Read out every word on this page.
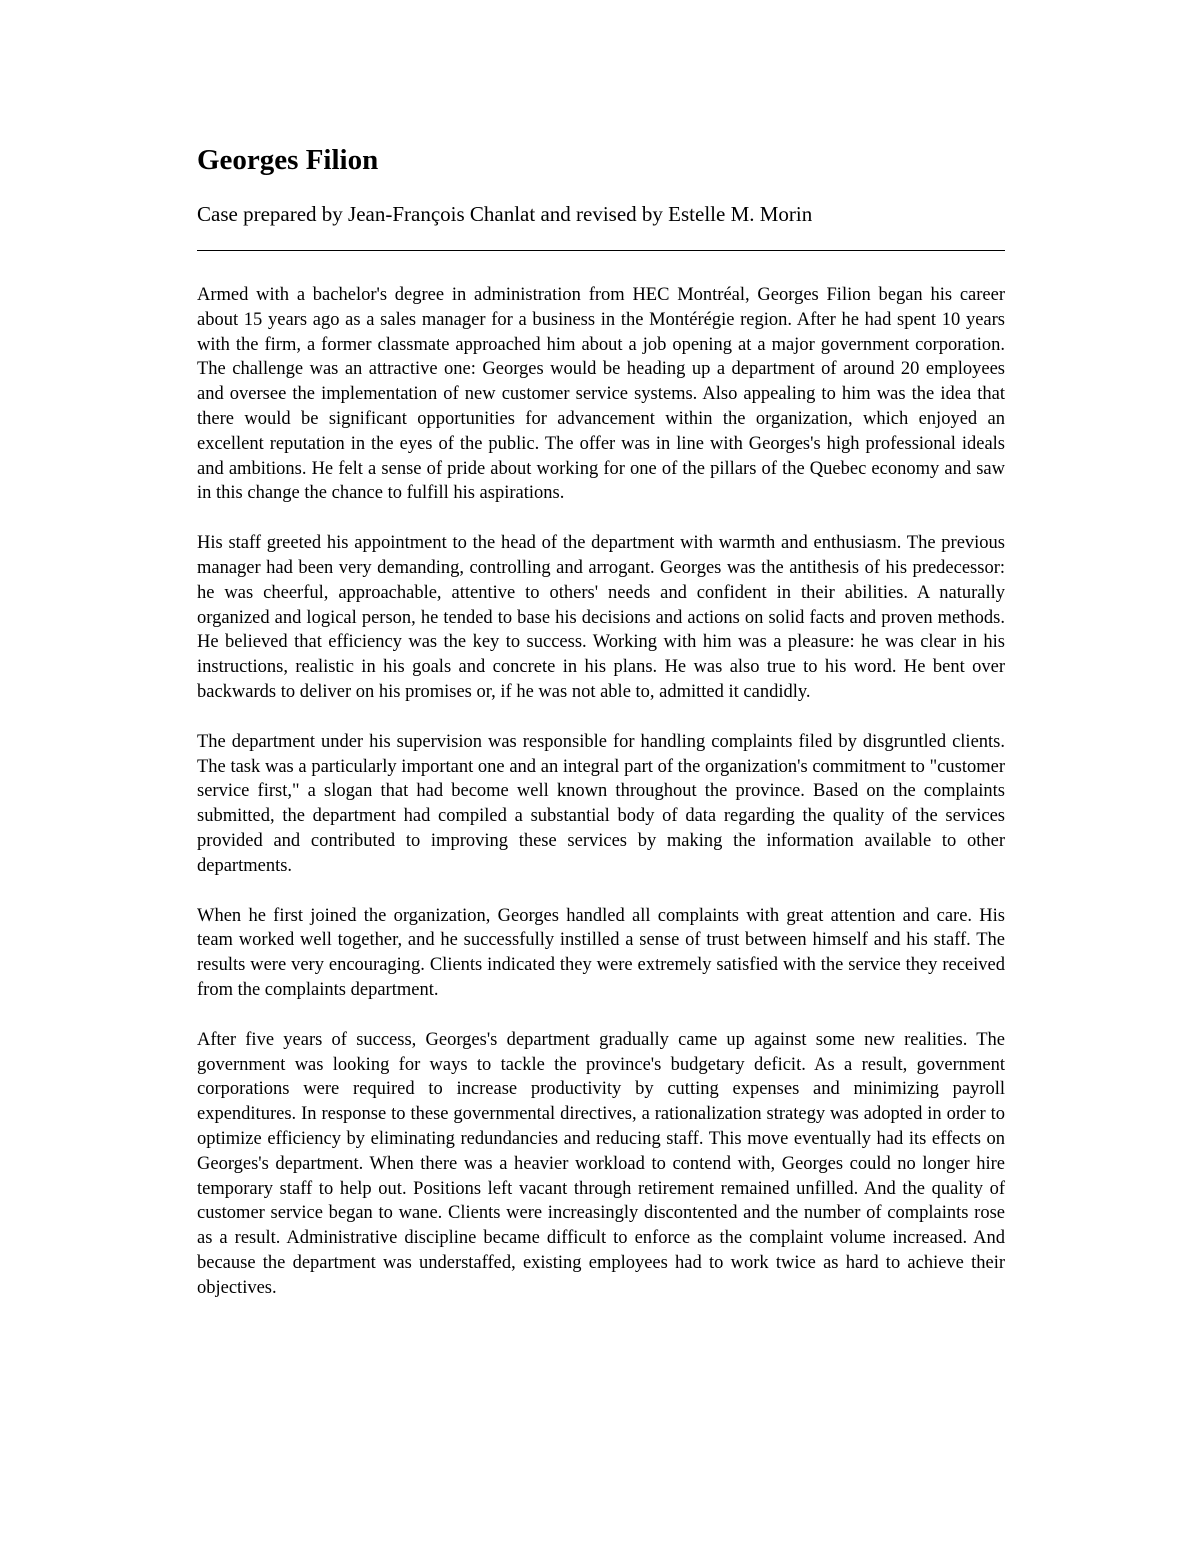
Georges Filion

Case prepared by Jean-François Chanlat and revised by Estelle M. Morin

Armed with a bachelor's degree in administration from HEC Montréal, Georges Filion began his career about 15 years ago as a sales manager for a business in the Montérégie region. After he had spent 10 years with the firm, a former classmate approached him about a job opening at a major government corporation. The challenge was an attractive one: Georges would be heading up a department of around 20 employees and oversee the implementation of new customer service systems. Also appealing to him was the idea that there would be significant opportunities for advancement within the organization, which enjoyed an excellent reputation in the eyes of the public. The offer was in line with Georges's high professional ideals and ambitions. He felt a sense of pride about working for one of the pillars of the Quebec economy and saw in this change the chance to fulfill his aspirations.

His staff greeted his appointment to the head of the department with warmth and enthusiasm. The previous manager had been very demanding, controlling and arrogant. Georges was the antithesis of his predecessor: he was cheerful, approachable, attentive to others' needs and confident in their abilities. A naturally organized and logical person, he tended to base his decisions and actions on solid facts and proven methods. He believed that efficiency was the key to success. Working with him was a pleasure: he was clear in his instructions, realistic in his goals and concrete in his plans. He was also true to his word. He bent over backwards to deliver on his promises or, if he was not able to, admitted it candidly.

The department under his supervision was responsible for handling complaints filed by disgruntled clients. The task was a particularly important one and an integral part of the organization's commitment to "customer service first," a slogan that had become well known throughout the province. Based on the complaints submitted, the department had compiled a substantial body of data regarding the quality of the services provided and contributed to improving these services by making the information available to other departments.

When he first joined the organization, Georges handled all complaints with great attention and care. His team worked well together, and he successfully instilled a sense of trust between himself and his staff. The results were very encouraging. Clients indicated they were extremely satisfied with the service they received from the complaints department.

After five years of success, Georges's department gradually came up against some new realities. The government was looking for ways to tackle the province's budgetary deficit. As a result, government corporations were required to increase productivity by cutting expenses and minimizing payroll expenditures. In response to these governmental directives, a rationalization strategy was adopted in order to optimize efficiency by eliminating redundancies and reducing staff. This move eventually had its effects on Georges's department. When there was a heavier workload to contend with, Georges could no longer hire temporary staff to help out. Positions left vacant through retirement remained unfilled. And the quality of customer service began to wane. Clients were increasingly discontented and the number of complaints rose as a result. Administrative discipline became difficult to enforce as the complaint volume increased. And because the department was understaffed, existing employees had to work twice as hard to achieve their objectives.
